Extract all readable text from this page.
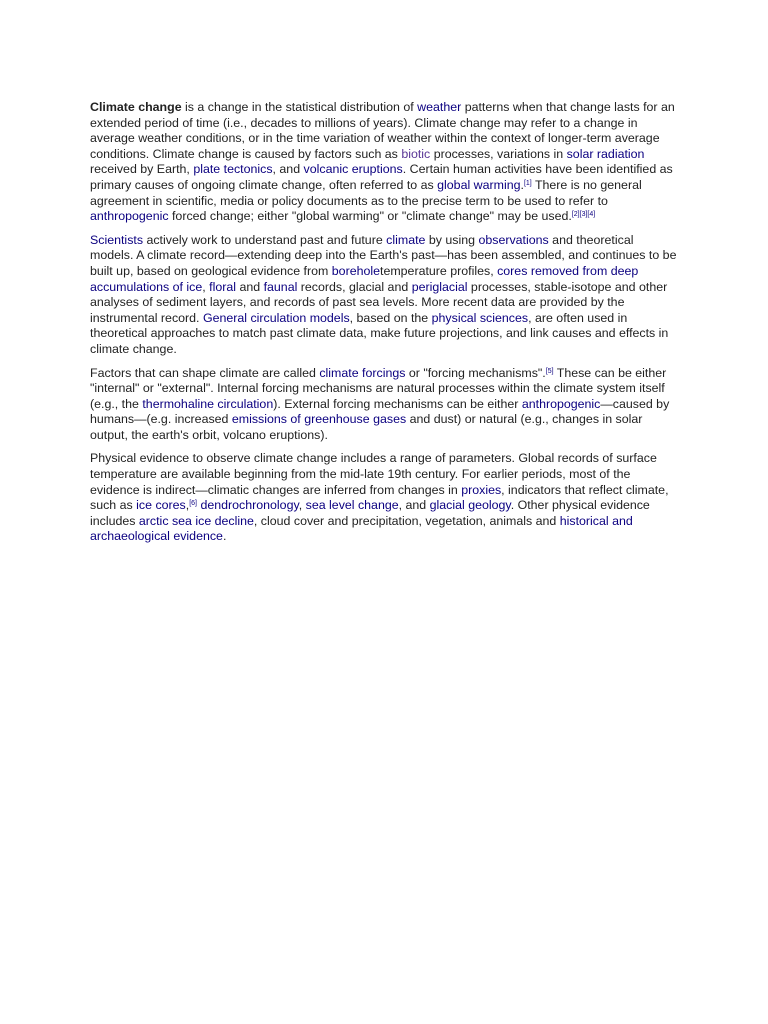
Climate change is a change in the statistical distribution of weather patterns when that change lasts for an extended period of time (i.e., decades to millions of years). Climate change may refer to a change in average weather conditions, or in the time variation of weather within the context of longer-term average conditions. Climate change is caused by factors such as biotic processes, variations in solar radiation received by Earth, plate tectonics, and volcanic eruptions. Certain human activities have been identified as primary causes of ongoing climate change, often referred to as global warming.[1] There is no general agreement in scientific, media or policy documents as to the precise term to be used to refer to anthropogenic forced change; either "global warming" or "climate change" may be used.[2][3][4]

Scientists actively work to understand past and future climate by using observations and theoretical models. A climate record—extending deep into the Earth's past—has been assembled, and continues to be built up, based on geological evidence from boreholetemperature profiles, cores removed from deep accumulations of ice, floral and faunal records, glacial and periglacial processes, stable-isotope and other analyses of sediment layers, and records of past sea levels. More recent data are provided by the instrumental record. General circulation models, based on the physical sciences, are often used in theoretical approaches to match past climate data, make future projections, and link causes and effects in climate change.

Factors that can shape climate are called climate forcings or "forcing mechanisms".[5] These can be either "internal" or "external". Internal forcing mechanisms are natural processes within the climate system itself (e.g., the thermohaline circulation). External forcing mechanisms can be either anthropogenic—caused by humans—(e.g. increased emissions of greenhouse gases and dust) or natural (e.g., changes in solar output, the earth's orbit, volcano eruptions).

Physical evidence to observe climate change includes a range of parameters. Global records of surface temperature are available beginning from the mid-late 19th century. For earlier periods, most of the evidence is indirect—climatic changes are inferred from changes in proxies, indicators that reflect climate, such as ice cores,[6] dendrochronology, sea level change, and glacial geology. Other physical evidence includes arctic sea ice decline, cloud cover and precipitation, vegetation, animals and historical and archaeological evidence.
